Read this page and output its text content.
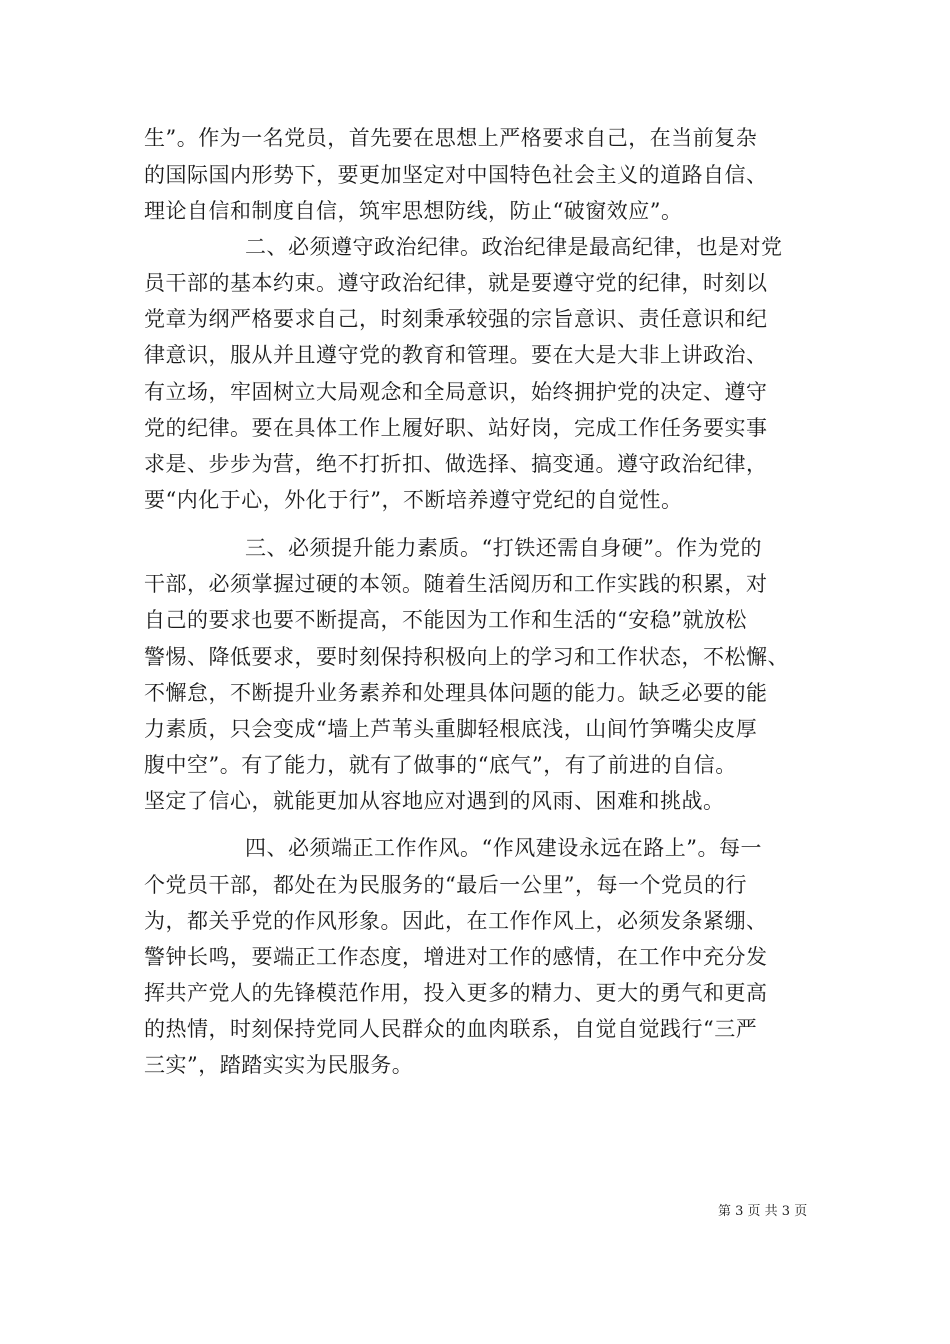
生”。作为一名党员，首先要在思想上严格要求自己，在当前复杂
的国际国内形势下，要更加坚定对中国特色社会主义的道路自信、
理论自信和制度自信，筑牢思想防线，防止“破窗效应”。
二、必须遵守政治纪律。政治纪律是最高纪律，也是对党
员干部的基本约束。遵守政治纪律，就是要遵守党的纪律，时刻以
党章为纲严格要求自己，时刻秉承较强的宗旨意识、责任意识和纪
律意识，服从并且遵守党的教育和管理。要在大是大非上讲政治、
有立场，牢固树立大局观念和全局意识，始终拥护党的决定、遵守
党的纪律。要在具体工作上履好职、站好岗，完成工作任务要实事
求是、步步为营，绝不打折扣、做选择、搞变通。遵守政治纪律，
要“内化于心，外化于行”，不断培养遵守党纪的自觉性。
三、必须提升能力素质。“打铁还需自身硬”。作为党的
干部，必须掌握过硬的本领。随着生活阅历和工作实践的积累，对
自己的要求也要不断提高，不能因为工作和生活的“安稳”就放松
警惕、降低要求，要时刻保持积极向上的学习和工作状态，不松懈、
不懈怠，不断提升业务素养和处理具体问题的能力。缺乏必要的能
力素质，只会变成“墙上芦苇头重脚轻根底浅，山间竹笋嘴尖皮厚
腹中空”。有了能力，就有了做事的“底气”，有了前进的自信。
坚定了信心，就能更加从容地应对遇到的风雨、困难和挑战。
四、必须端正工作作风。“作风建设永远在路上”。每一
个党员干部，都处在为民服务的“最后一公里”，每一个党员的行
为，都关乎党的作风形象。因此，在工作作风上，必须发条紧绷、
警钟长鸣，要端正工作态度，增进对工作的感情，在工作中充分发
挥共产党人的先锋模范作用，投入更多的精力、更大的勇气和更高
的热情，时刻保持党同人民群众的血肉联系，自觉自觉践行“三严
三实”，踏踏实实为民服务。
第 3 页 共 3 页
